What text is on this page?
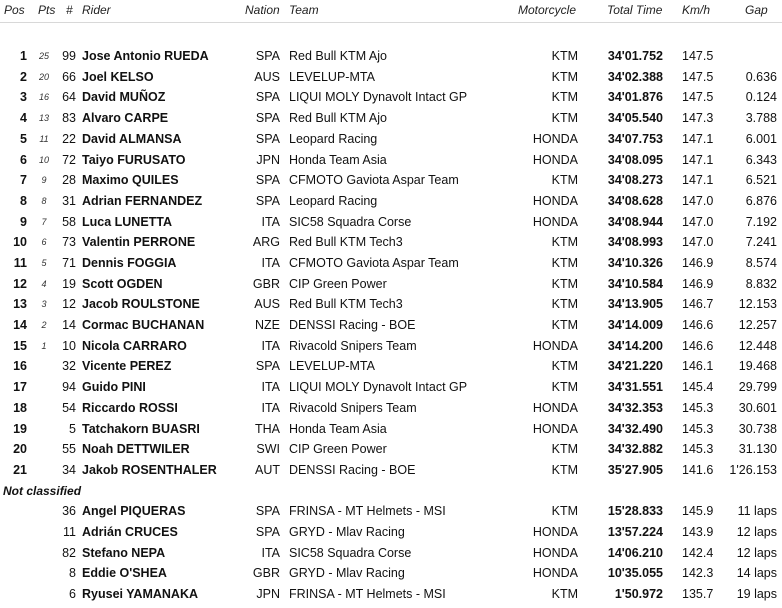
Pos Pts # Rider	Nation Team	Motorcycle	Total Time Km/h	Gap
1 25 99 Jose Antonio RUEDA	SPA Red Bull KTM Ajo	KTM 34'01.752 147.5
2 20 66 Joel KELSO	AUS LEVELUP-MTA	KTM 34'02.388 147.5	0.636
3 16 64 David MUÑOZ	SPA LIQUI MOLY Dynavolt Intact GP	KTM 34'01.876 147.5	0.124
4 13 83 Alvaro CARPE	SPA Red Bull KTM Ajo	KTM 34'05.540 147.3	3.788
5 11 22 David ALMANSA	SPA Leopard Racing	HONDA 34'07.753 147.1	6.001
6 10 72 Taiyo FURUSATO	JPN Honda Team Asia	HONDA 34'08.095 147.1	6.343
7	9	28 Maximo QUILES	SPA CFMOTO Gaviota Aspar Team	KTM 34'08.273 147.1	6.521
8	8	31 Adrian FERNANDEZ	SPA Leopard Racing	HONDA 34'08.628 147.0	6.876
9	7	58 Luca LUNETTA	ITA SIC58 Squadra Corse	HONDA 34'08.944 147.0	7.192
10	6	73 Valentin PERRONE	ARG Red Bull KTM Tech3	KTM 34'08.993 147.0	7.241
11	5	71 Dennis FOGGIA	ITA CFMOTO Gaviota Aspar Team	KTM 34'10.326 146.9	8.574
12	4	19 Scott OGDEN	GBR CIP Green Power	KTM 34'10.584 146.9	8.832
13	3	12 Jacob ROULSTONE	AUS Red Bull KTM Tech3	KTM 34'13.905 146.7 12.153
14	2	14 Cormac BUCHANAN	NZE DENSSI Racing - BOE	KTM 34'14.009 146.6 12.257
15	1	10 Nicola CARRARO	ITA Rivacold Snipers Team	HONDA 34'14.200 146.6 12.448
16	32 Vicente PEREZ	SPA LEVELUP-MTA	KTM 34'21.220 146.1 19.468
17	94 Guido PINI	ITA LIQUI MOLY Dynavolt Intact GP	KTM 34'31.551 145.4 29.799
18	54 Riccardo ROSSI	ITA Rivacold Snipers Team	HONDA 34'32.353 145.3 30.601
19	5 Tatchakorn BUASRI	THA Honda Team Asia	HONDA 34'32.490 145.3 30.738
20	55 Noah DETTWILER	SWI CIP Green Power	KTM 34'32.882 145.3 31.130
21	34 Jakob ROSENTHALER	AUT DENSSI Racing - BOE	KTM 35'27.905 141.6 1'26.153
Not classified
36 Angel PIQUERAS	SPA FRINSA - MT Helmets - MSI	KTM 15'28.833 145.9 11 laps
11 Adrián CRUCES	SPA GRYD - Mlav Racing	HONDA 13'57.224 143.9 12 laps
82 Stefano NEPA	ITA SIC58 Squadra Corse	HONDA 14'06.210 142.4 12 laps
8 Eddie O'SHEA	GBR GRYD - Mlav Racing	HONDA 10'35.055 142.3 14 laps
6 Ryusei YAMANAKA	JPN FRINSA - MT Helmets - MSI	KTM	1'50.972 135.7 19 laps
